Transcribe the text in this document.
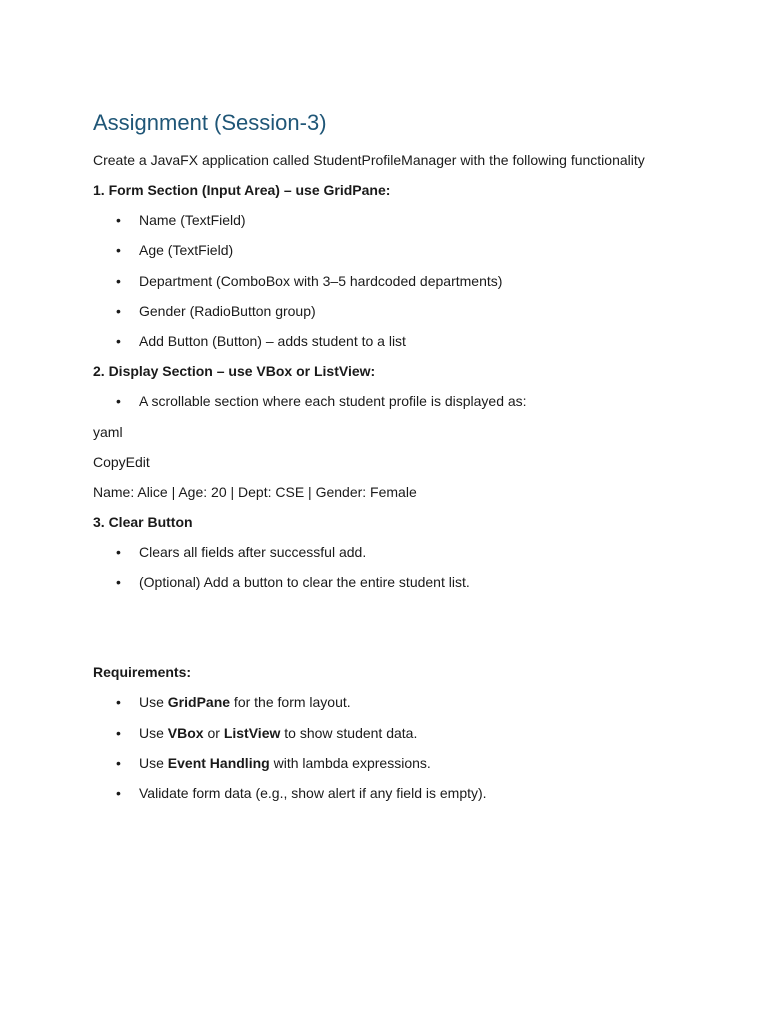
Assignment (Session-3)

Create a JavaFX application called StudentProfileManager with the following functionality

1. Form Section (Input Area) – use GridPane:

• Name (TextField)
• Age (TextField)
• Department (ComboBox with 3–5 hardcoded departments)
• Gender (RadioButton group)
• Add Button (Button) – adds student to a list

2. Display Section – use VBox or ListView:

• A scrollable section where each student profile is displayed as:

yaml

CopyEdit

Name: Alice | Age: 20 | Dept: CSE | Gender: Female

3. Clear Button

• Clears all fields after successful add.
• (Optional) Add a button to clear the entire student list.

Requirements:

• Use GridPane for the form layout.
• Use VBox or ListView to show student data.
• Use Event Handling with lambda expressions.
• Validate form data (e.g., show alert if any field is empty).
